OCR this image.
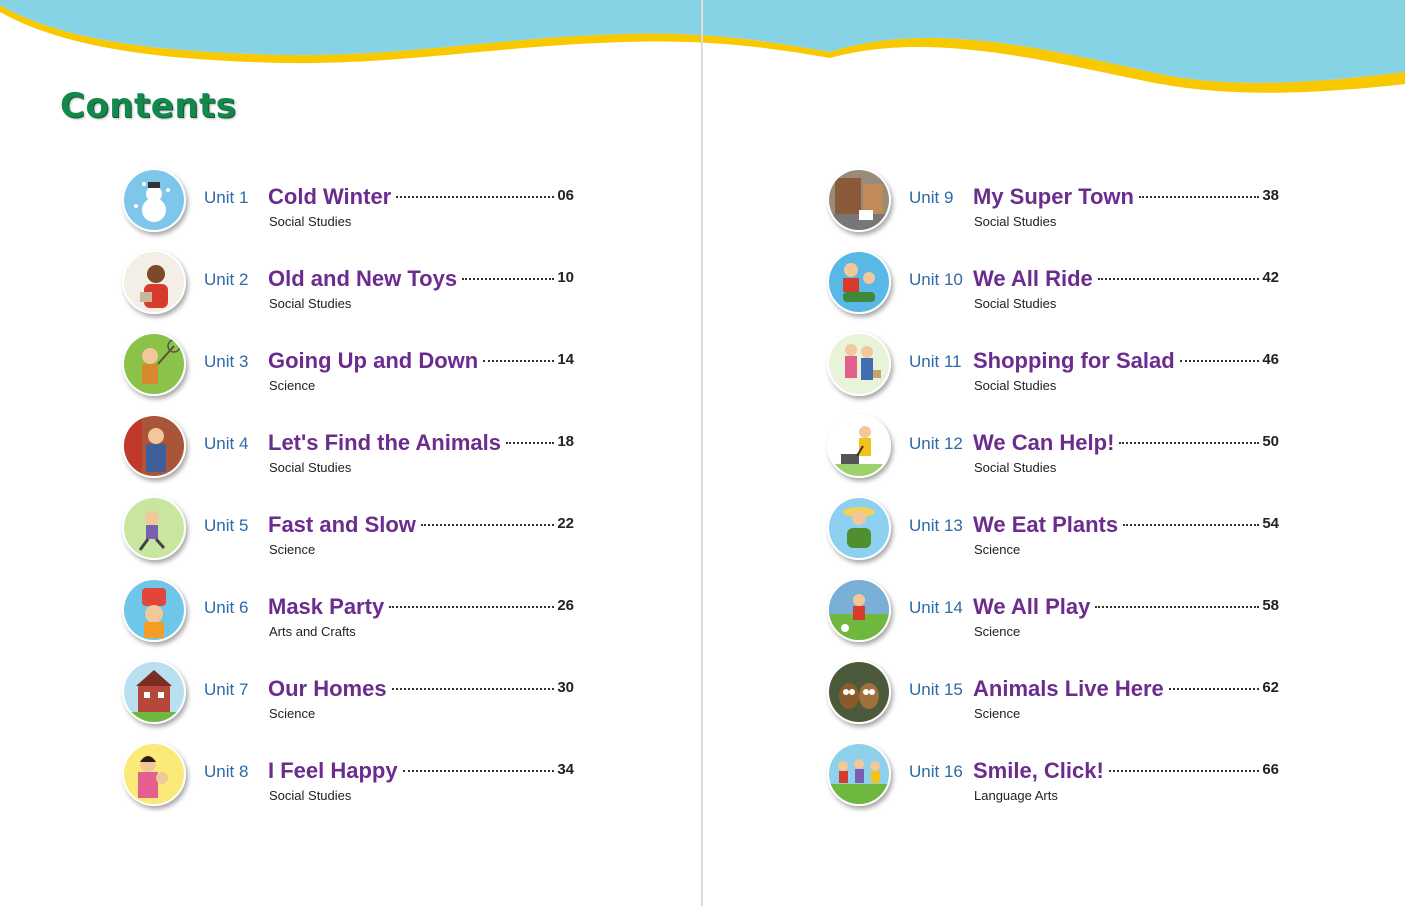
Contents
Unit 1 Cold Winter	06
Social Studies
Unit 2 Old and New Toys	10
Social Studies
Unit 3 Going Up and Down	14
Science
Unit 4 Let's Find the Animals	18
Social Studies
Unit 5 Fast and Slow	22
Science
Unit 6 Mask Party	26
Arts and Crafts
Unit 7 Our Homes	30
Science
Unit 8 I Feel Happy	34
Social Studies
Unit 9 My Super Town	38
Social Studies
Unit 10 We All Ride	42
Social Studies
Unit 11 Shopping for Salad	46
Social Studies
Unit 12 We Can Help!	50
Social Studies
Unit 13 We Eat Plants	54
Science
Unit 14 We All Play	58
Science
Unit 15 Animals Live Here	62
Science
Unit 16 Smile, Click!	66
Language Arts
